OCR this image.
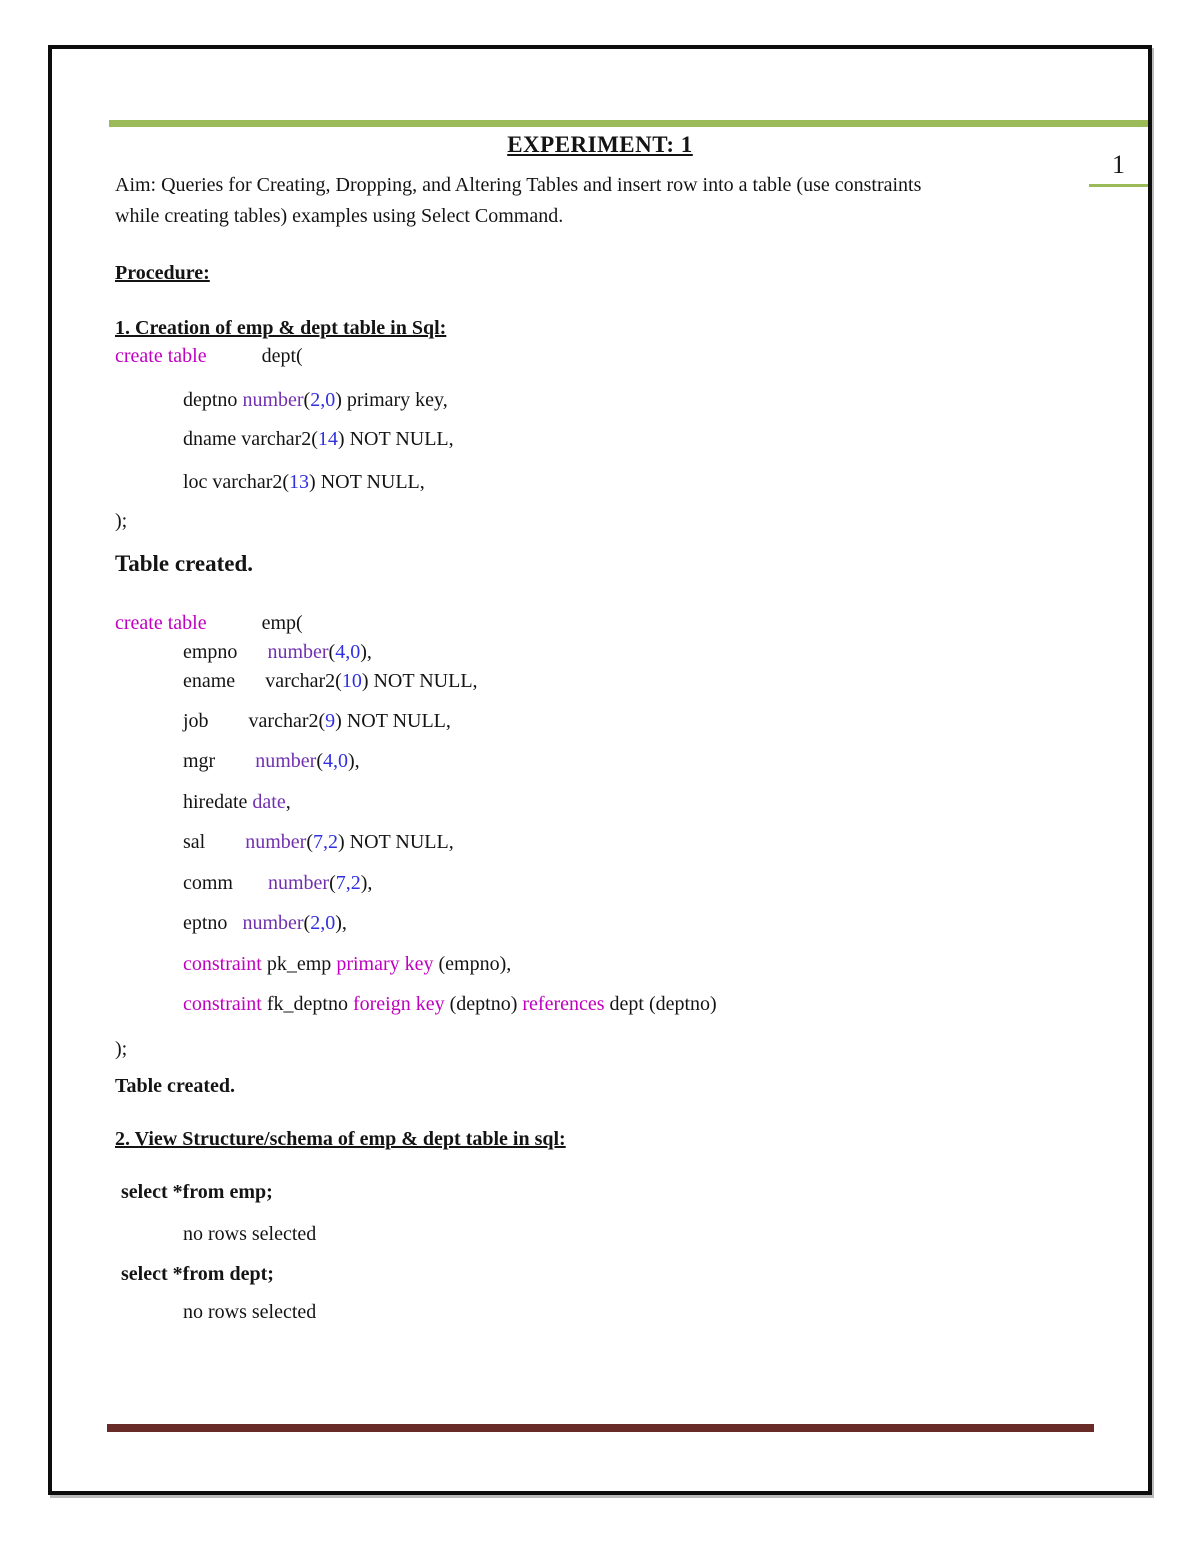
1
EXPERIMENT: 1
Aim: Queries for Creating, Dropping, and Altering Tables and insert row into a table (use constraints
while creating tables) examples using Select Command.
Procedure:
1. Creation of emp & dept table in Sql:
create table           dept(
deptno number(2,0) primary key,
dname varchar2(14) NOT NULL,
loc varchar2(13) NOT NULL,
);
Table created.
create table           emp(
empno      number(4,0),
ename      varchar2(10) NOT NULL,
job        varchar2(9) NOT NULL,
mgr        number(4,0),
hiredate date,
sal        number(7,2) NOT NULL,
comm       number(7,2),
eptno   number(2,0),
constraint pk_emp primary key (empno),
constraint fk_deptno foreign key (deptno) references dept (deptno)
);
Table created.
2. View Structure/schema of emp & dept table in sql:
select *from emp;
no rows selected
select *from dept;
no rows selected
